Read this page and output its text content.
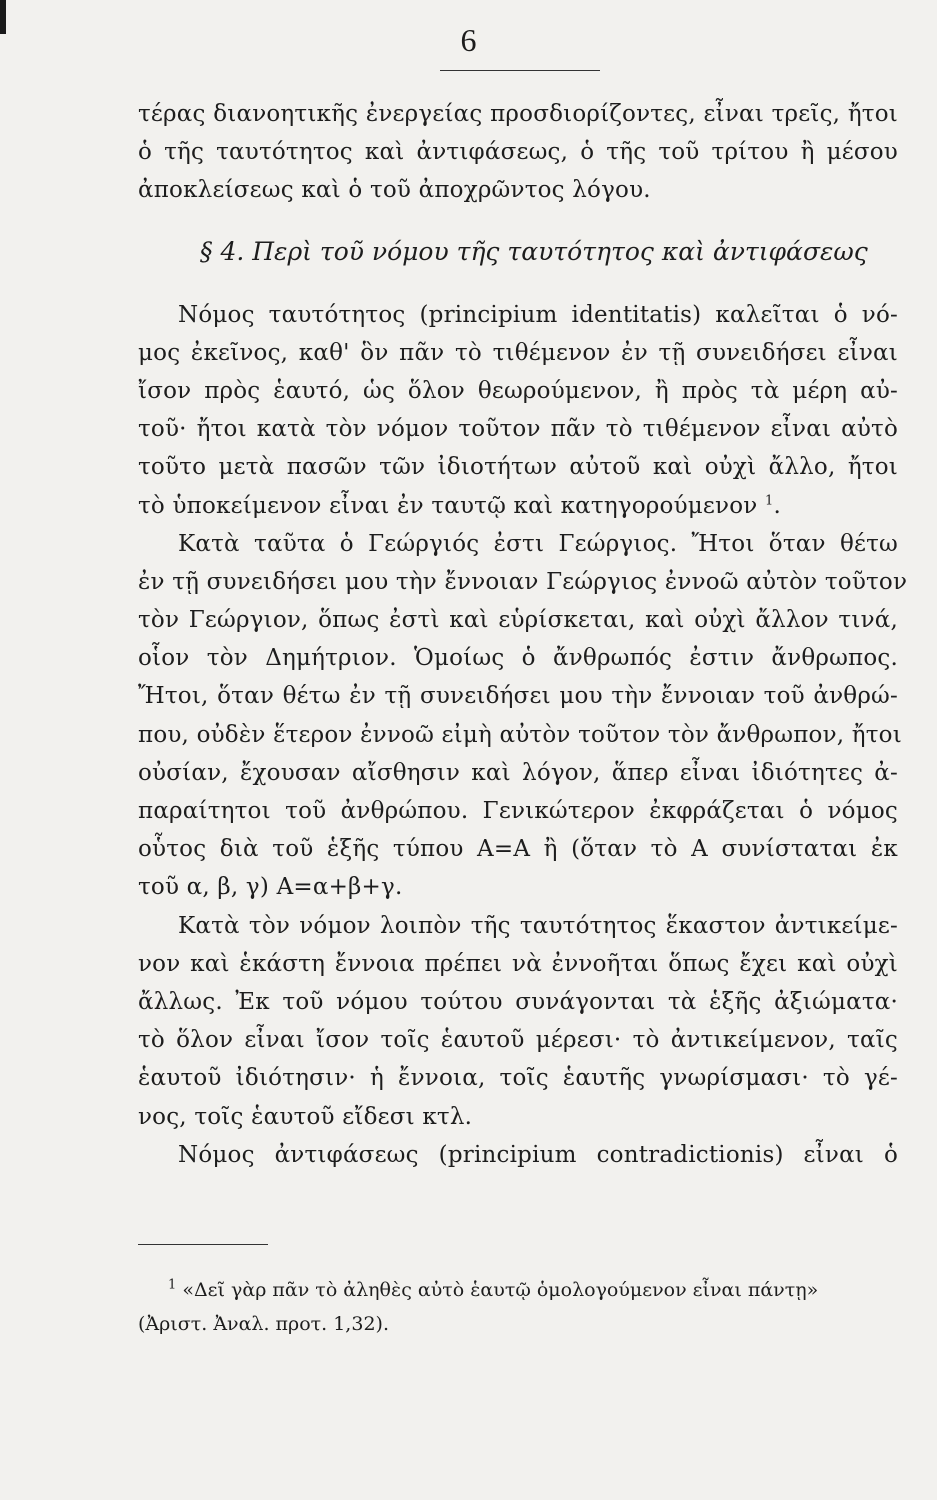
6
τέρας διανοητικῆς ἐνεργείας προσδιορίζοντες, εἶναι τρεῖς, ἤτοι
ὁ τῆς ταυτότητος καὶ ἀντιφάσεως, ὁ τῆς τοῦ τρίτου ἢ μέσου
ἀποκλείσεως καὶ ὁ τοῦ ἀποχρῶντος λόγου.
§ 4. Περὶ τοῦ νόμου τῆς ταυτότητος καὶ ἀντιφάσεως
Νόμος ταυτότητος (principium identitatis) καλεῖται ὁ νό-
μος ἐκεῖνος, καθ' ὃν πᾶν τὸ τιθέμενον ἐν τῇ συνειδήσει εἶναι
ἴσον πρὸς ἑαυτό, ὡς ὅλον θεωρούμενον, ἢ πρὸς τὰ μέρη αὐ-
τοῦ· ἤτοι κατὰ τὸν νόμον τοῦτον πᾶν τὸ τιθέμενον εἶναι αὐτὸ
τοῦτο μετὰ πασῶν τῶν ἰδιοτήτων αὐτοῦ καὶ οὐχὶ ἄλλο, ἤτοι
τὸ ὑποκείμενον εἶναι ἐν ταυτῷ καὶ κατηγορούμενον $^1$.
Κατὰ ταῦτα ὁ Γεώργιός ἐστι Γεώργιος. Ἤτοι ὅταν θέτω
ἐν τῇ συνειδήσει μου τὴν ἔννοιαν Γεώργιος ἐννοῶ αὐτὸν τοῦτον
τὸν Γεώργιον, ὅπως ἐστὶ καὶ εὑρίσκεται, καὶ οὐχὶ ἄλλον τινά,
οἷον τὸν Δημήτριον. Ὁμοίως ὁ ἄνθρωπός ἐστιν ἄνθρωπος.
Ἤτοι, ὅταν θέτω ἐν τῇ συνειδήσει μου τὴν ἔννοιαν τοῦ ἀνθρώ-
που, οὐδὲν ἕτερον ἐννοῶ εἰμὴ αὐτὸν τοῦτον τὸν ἄνθρωπον, ἤτοι
οὐσίαν, ἔχουσαν αἴσθησιν καὶ λόγον, ἅπερ εἶναι ἰδιότητες ἀ-
παραίτητοι τοῦ ἀνθρώπου. Γενικώτερον ἐκφράζεται ὁ νόμος
οὗτος διὰ τοῦ ἑξῆς τύπου Α=Α ἢ (ὅταν τὸ Α συνίσταται ἐκ
τοῦ α, β, γ) Α=α+β+γ.
Κατὰ τὸν νόμον λοιπὸν τῆς ταυτότητος ἕκαστον ἀντικείμε-
νον καὶ ἑκάστη ἔννοια πρέπει νὰ ἐννοῆται ὅπως ἔχει καὶ οὐχὶ
ἄλλως. Ἐκ τοῦ νόμου τούτου συνάγονται τὰ ἑξῆς ἀξιώματα·
τὸ ὅλον εἶναι ἴσον τοῖς ἑαυτοῦ μέρεσι· τὸ ἀντικείμενον, ταῖς
ἑαυτοῦ ἰδιότησιν· ἡ ἔννοια, τοῖς ἑαυτῆς γνωρίσμασι· τὸ γέ-
νος, τοῖς ἑαυτοῦ εἴδεσι κτλ.
Νόμος ἀντιφάσεως (principium contradictionis) εἶναι ὁ
$^1$ «Δεῖ γὰρ πᾶν τὸ ἀληθὲς αὐτὸ ἑαυτῷ ὁμολογούμενον εἶναι πάντῃ»
(Ἀριστ. Ἀναλ. προτ. 1,32).
